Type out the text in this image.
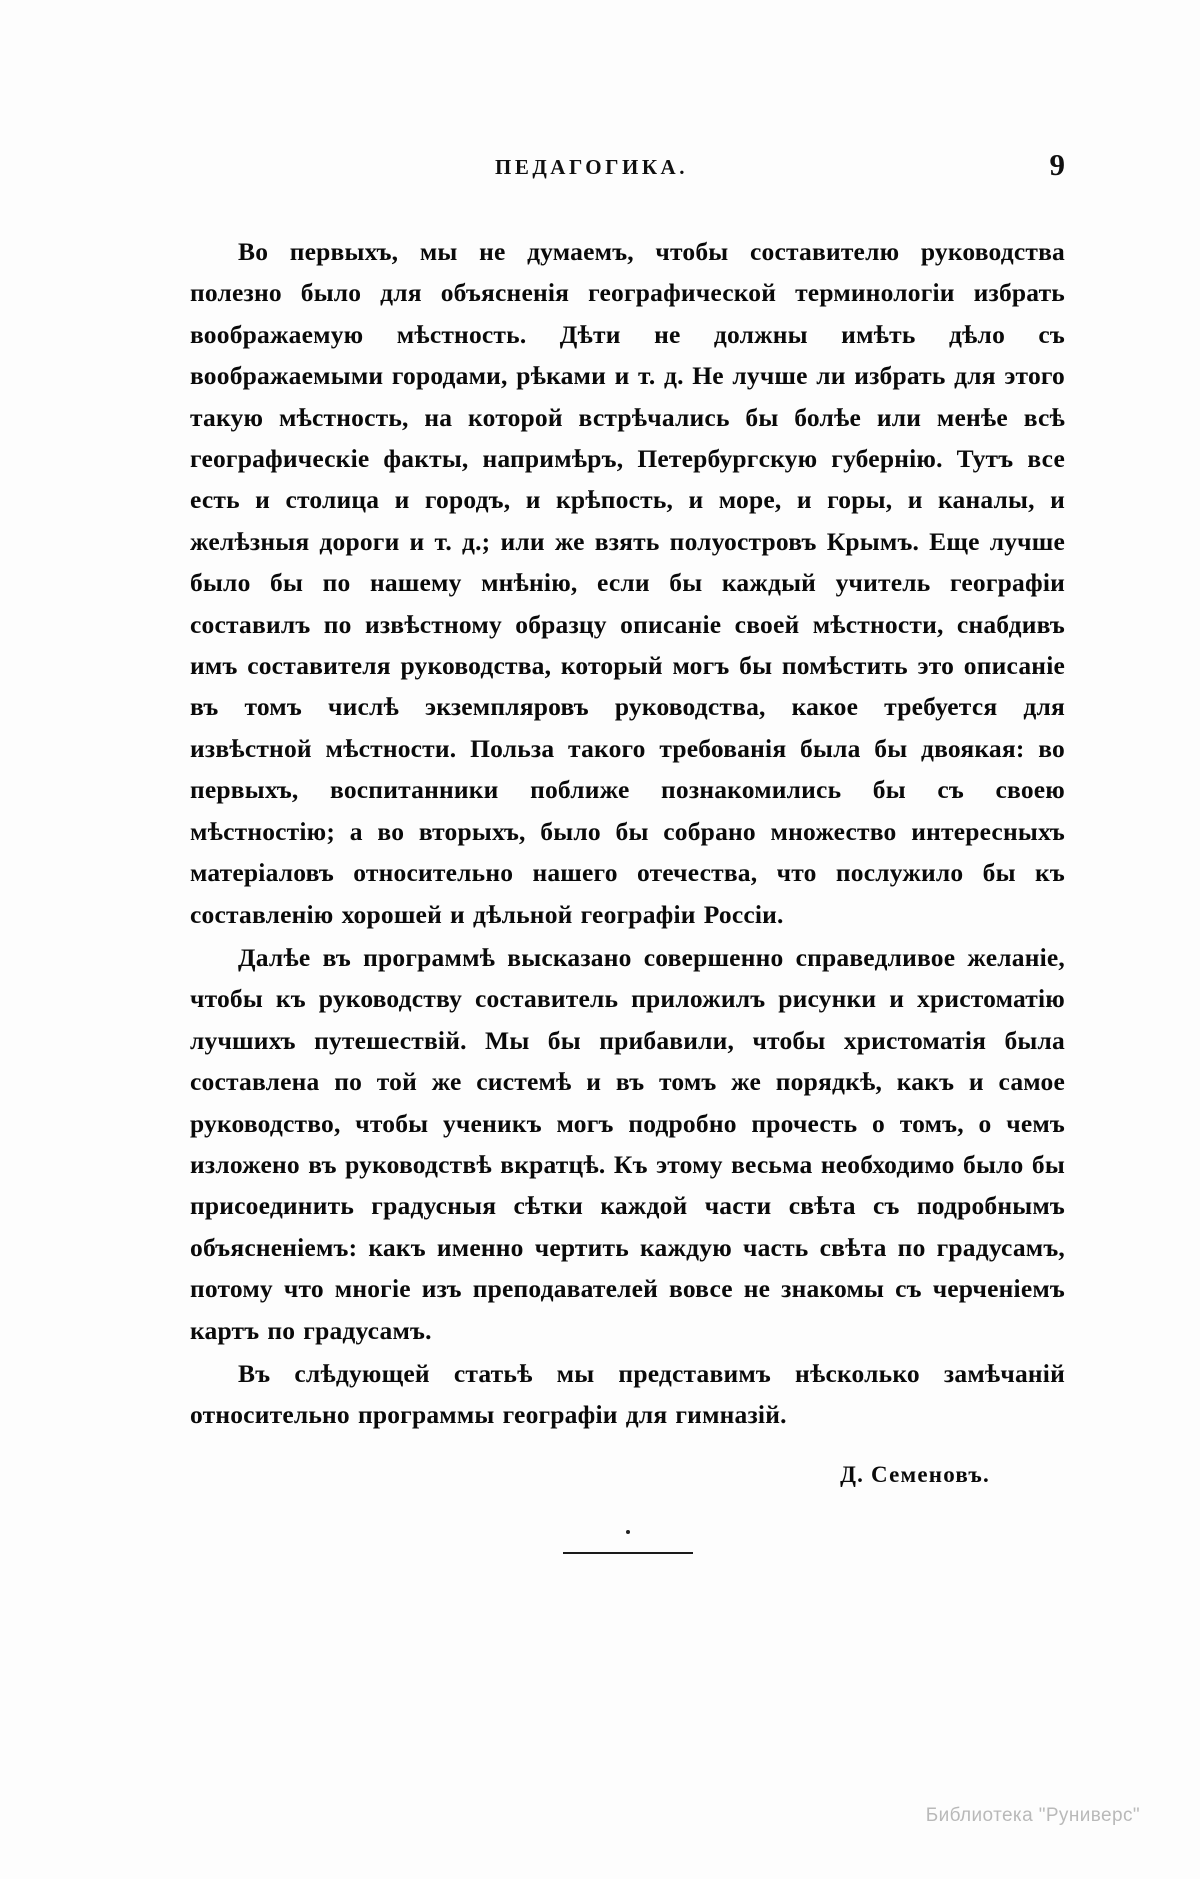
ПЕДАГОГИКА.	9

Во первыхъ, мы не думаемъ, чтобы составителю руководства полезно было для объясненія географической терминологіи избрать воображаемую мѣстность. Дѣти не должны имѣть дѣло съ воображаемыми городами, рѣками и т. д. Не лучше ли избрать для этого такую мѣстность, на которой встрѣчались бы болѣе или менѣе всѣ географическіе факты, напримѣръ, Петербургскую губернію. Тутъ все есть и столица и городъ, и крѣпость, и море, и горы, и каналы, и желѣзныя дороги и т. д.; или же взять полуостровъ Крымъ. Еще лучше было бы по нашему мнѣнію, если бы каждый учитель географіи составилъ по извѣстному образцу описаніе своей мѣстности, снабдивъ имъ составителя руководства, который могъ бы помѣстить это описаніе въ томъ числѣ экземпляровъ руководства, какое требуется для извѣстной мѣстности. Польза такого требованія была бы двоякая: во первыхъ, воспитанники поближе познакомились бы съ своею мѣстностію; а во вторыхъ, было бы собрано множество интересныхъ матеріаловъ относительно нашего отечества, что послужило бы къ составленію хорошей и дѣльной географіи Россіи.

Далѣе въ программѣ высказано совершенно справедливое желаніе, чтобы къ руководству составитель приложилъ рисунки и христоматію лучшихъ путешествій. Мы бы прибавили, чтобы христоматія была составлена по той же системѣ и въ томъ же порядкѣ, какъ и самое руководство, чтобы ученикъ могъ подробно прочесть о томъ, о чемъ изложено въ руководствѣ вкратцѣ. Къ этому весьма необходимо было бы присоединить градусныя сѣтки каждой части свѣта съ подробнымъ объясненіемъ: какъ именно чертить каждую часть свѣта по градусамъ, потому что многіе изъ преподавателей вовсе не знакомы съ черченіемъ картъ по градусамъ.

Въ слѣдующей статьѣ мы представимъ нѣсколько замѣчаній относительно программы географіи для гимназій.

Д. Семеновъ.
Библиотека "Руниверс"
